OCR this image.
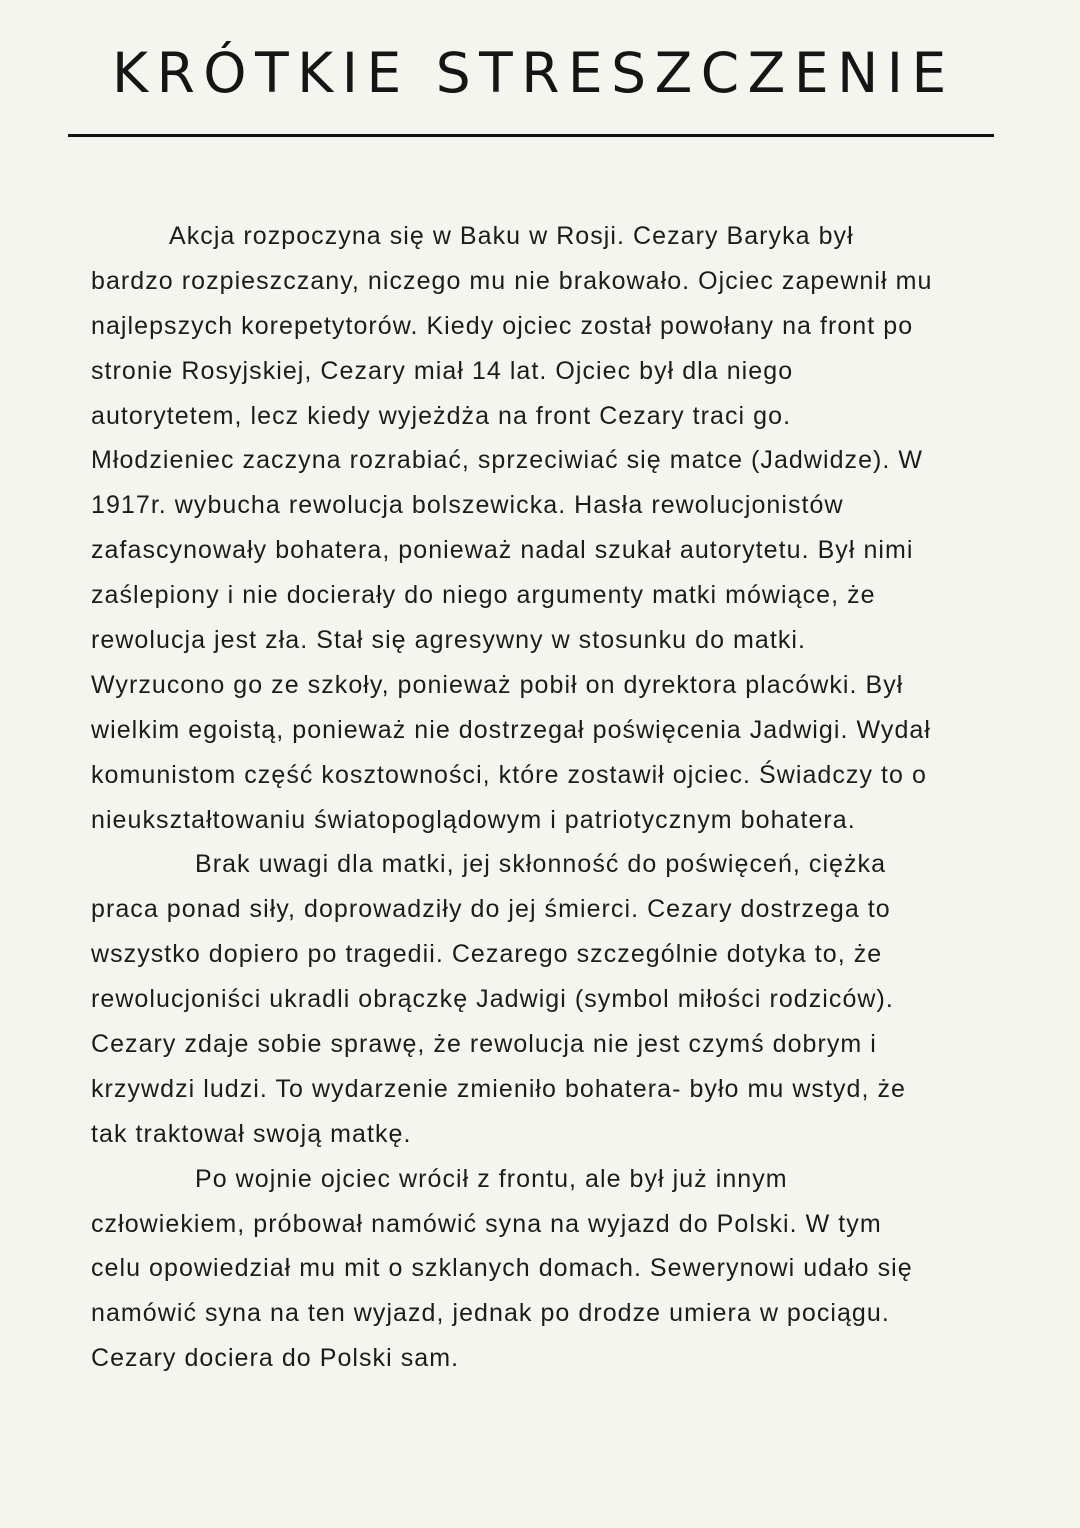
KRÓTKIE STRESZCZENIE
Akcja rozpoczyna się w Baku w Rosji. Cezary Baryka był
bardzo rozpieszczany, niczego mu nie brakowało. Ojciec zapewnił mu
najlepszych korepetytorów. Kiedy ojciec został powołany na front po
stronie Rosyjskiej, Cezary miał 14 lat. Ojciec był dla niego
autorytetem, lecz kiedy wyjeżdża na front Cezary traci go.
Młodzieniec zaczyna rozrabiać, sprzeciwiać się matce (Jadwidze). W
1917r. wybucha rewolucja bolszewicka. Hasła rewolucjonistów
zafascynowały bohatera, ponieważ nadal szukał autorytetu. Był nimi
zaślepiony i nie docierały do niego argumenty matki mówiące, że
rewolucja jest zła. Stał się agresywny w stosunku do matki.
Wyrzucono go ze szkoły, ponieważ pobił on dyrektora placówki. Był
wielkim egoistą, ponieważ nie dostrzegał poświęcenia Jadwigi. Wydał
komunistom część kosztowności, które zostawił ojciec. Świadczy to o
nieukształtowaniu światopoglądowym i patriotycznym bohatera.
Brak uwagi dla matki, jej skłonność do poświęceń, ciężka
praca ponad siły, doprowadziły do jej śmierci. Cezary dostrzega to
wszystko dopiero po tragedii. Cezarego szczególnie dotyka to, że
rewolucjoniści ukradli obrączkę Jadwigi (symbol miłości rodziców).
Cezary zdaje sobie sprawę, że rewolucja nie jest czymś dobrym i
krzywdzi ludzi. To wydarzenie zmieniło bohatera- było mu wstyd, że
tak traktował swoją matkę.
Po wojnie ojciec wrócił z frontu, ale był już innym
człowiekiem, próbował namówić syna na wyjazd do Polski. W tym
celu opowiedział mu mit o szklanych domach. Sewerynowi udało się
namówić syna na ten wyjazd, jednak po drodze umiera w pociągu.
Cezary dociera do Polski sam.
